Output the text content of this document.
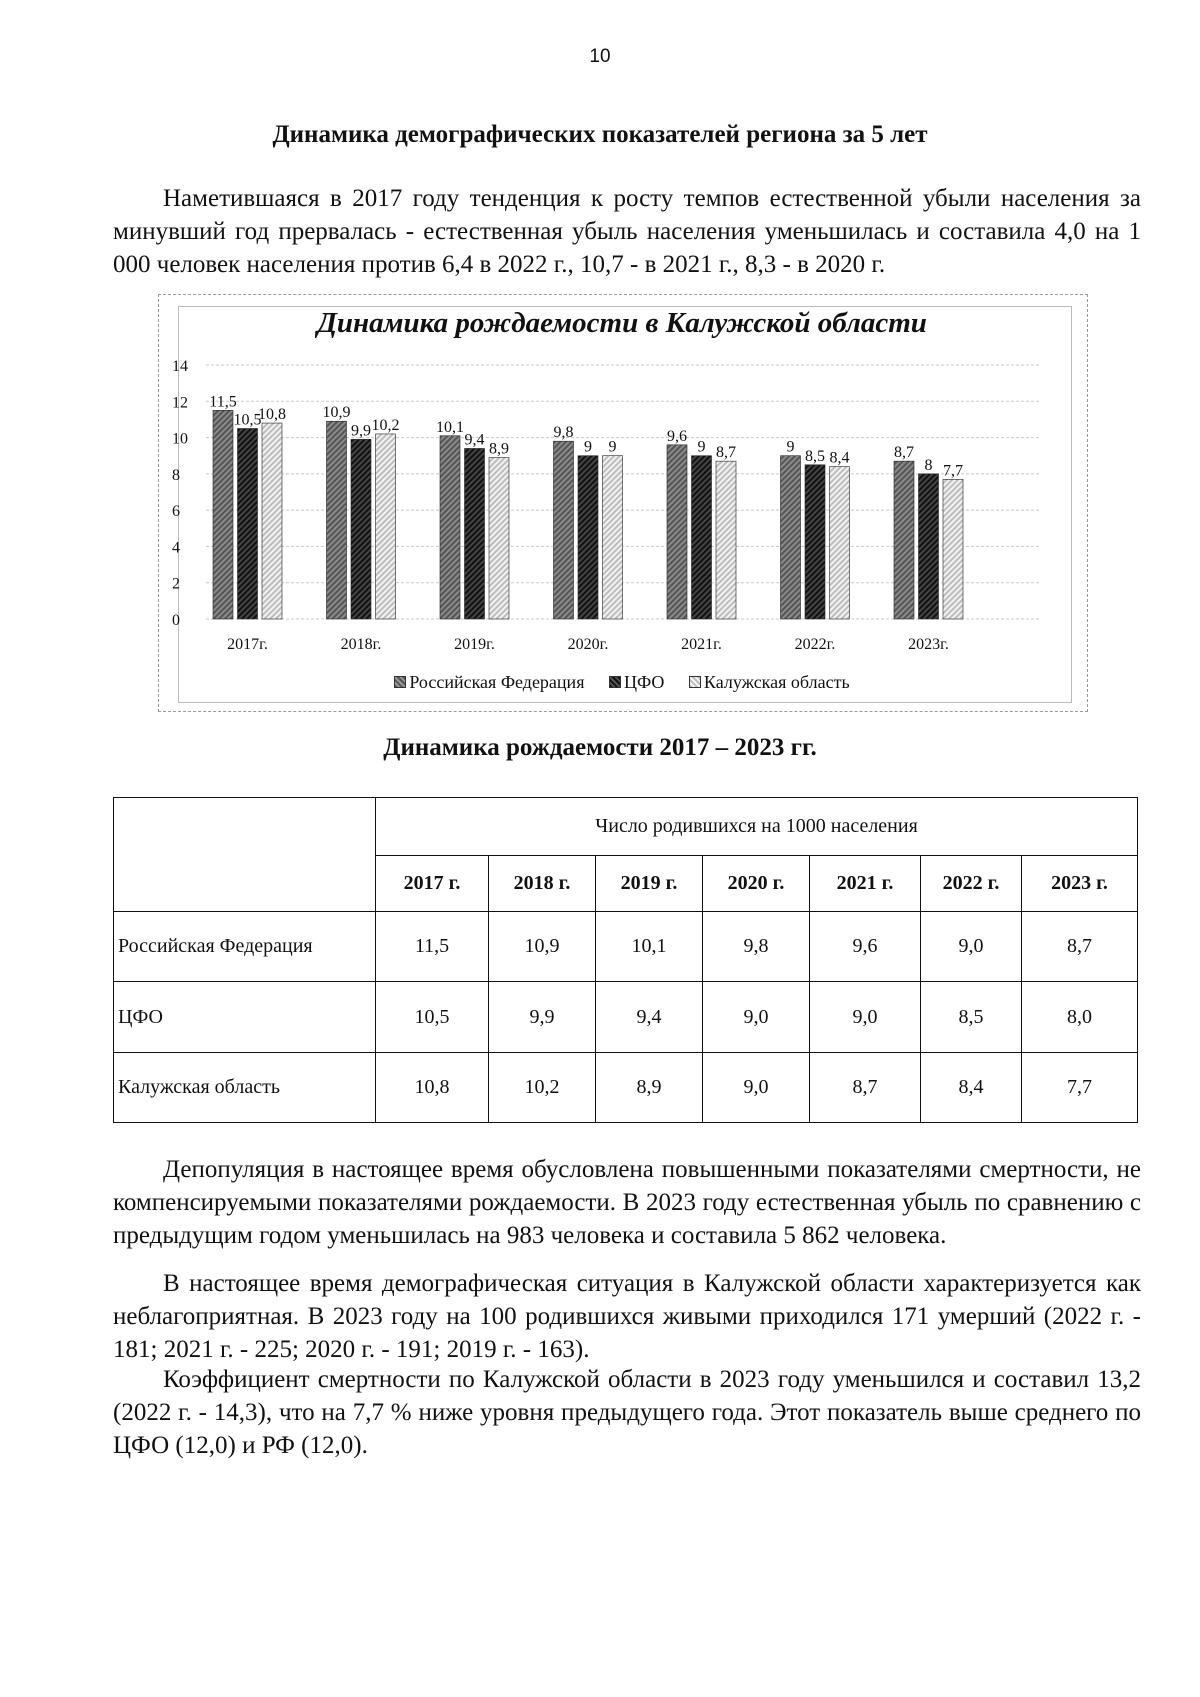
10
Динамика демографических показателей региона за 5 лет

Наметившаяся в 2017 году тенденция к росту темпов естественной убыли населения за минувший год прервалась - естественная убыль населения уменьшилась и составила 4,0 на 1 000 человек населения против 6,4 в 2022 г., 10,7 - в 2021 г., 8,3 - в 2020 г.

Динамика рождаемости в Калужской области
0
2
4
6
8
10
12
14
11,5
10,5
10,8
2017г.
10,9
9,9 10,2
2018г.
10,1
9,4
8,9
2019г.
9,8
9 9
2020г.
9,6
9 8,7
2021г.
9
8,5 8,4
2022г.
8,7
8 7,7
2023г.
Российская Федерация ЦФО Калужская область
Динамика рождаемости 2017 – 2023 гг.
	Число родившихся на 1000 населения						
	2017 г.	2018 г.	2019 г.	2020 г.	2021 г.	2022 г.	2023 г.
Российская Федерация	11,5	10,9	10,1	9,8	9,6	9,0	8,7
ЦФО	10,5	9,9	9,4	9,0	9,0	8,5	8,0
Калужская область	10,8	10,2	8,9	9,0	8,7	8,4	7,7

Депопуляция в настоящее время обусловлена повышенными показателями смертности, не компенсируемыми показателями рождаемости. В 2023 году естественная убыль по сравнению с предыдущим годом уменьшилась на 983 человека и составила 5 862 человека.

В настоящее время демографическая ситуация в Калужской области характеризуется как неблагоприятная. В 2023 году на 100 родившихся живыми приходился 171 умерший (2022 г. - 181; 2021 г. - 225; 2020 г. - 191; 2019 г. - 163).

Коэффициент смертности по Калужской области в 2023 году уменьшился и составил 13,2 (2022 г. - 14,3), что на 7,7 % ниже уровня предыдущего года. Этот показатель выше среднего по ЦФО (12,0) и РФ (12,0).
